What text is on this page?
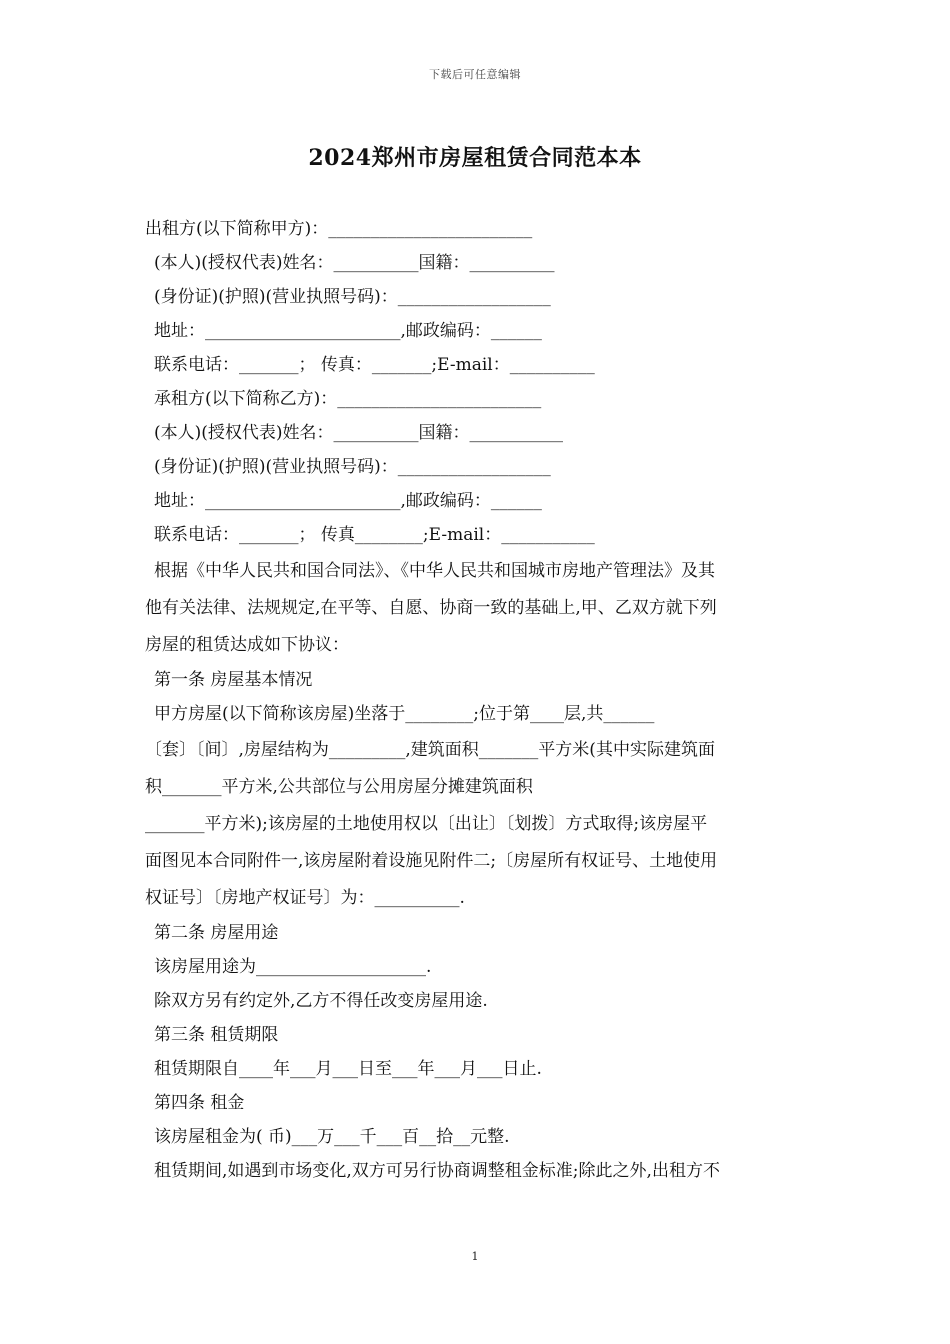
下载后可任意编辑
2024郑州市房屋租赁合同范本本
出租方(以下简称甲方)：________________________
(本人)(授权代表)姓名：__________国籍：__________
(身份证)(护照)(营业执照号码)：__________________
地址：_______________________,邮政编码：______
联系电话：_______； 传真：_______;E-mail：__________
承租方(以下简称乙方)：________________________
(本人)(授权代表)姓名：__________国籍：___________
(身份证)(护照)(营业执照号码)：__________________
地址：_______________________,邮政编码：______
联系电话：_______； 传真________;E-mail：___________
根据《中华人民共和国合同法》、《中华人民共和国城市房地产管理法》及其
他有关法律、法规规定,在平等、自愿、协商一致的基础上,甲、乙双方就下列
房屋的租赁达成如下协议：
第一条 房屋基本情况
甲方房屋(以下简称该房屋)坐落于________;位于第____层,共______
〔套〕〔间〕,房屋结构为_________,建筑面积_______平方米(其中实际建筑面
积_______平方米,公共部位与公用房屋分摊建筑面积
_______平方米);该房屋的土地使用权以〔出让〕〔划拨〕方式取得;该房屋平
面图见本合同附件一,该房屋附着设施见附件二;〔房屋所有权证号、土地使用
权证号〕〔房地产权证号〕为：__________.
第二条 房屋用途
该房屋用途为____________________.
除双方另有约定外,乙方不得任改变房屋用途.
第三条 租赁期限
租赁期限自____年___月___日至___年___月___日止.
第四条 租金
该房屋租金为( 币)___万___千___百__拾__元整.
租赁期间,如遇到市场变化,双方可另行协商调整租金标准;除此之外,出租方不
1
